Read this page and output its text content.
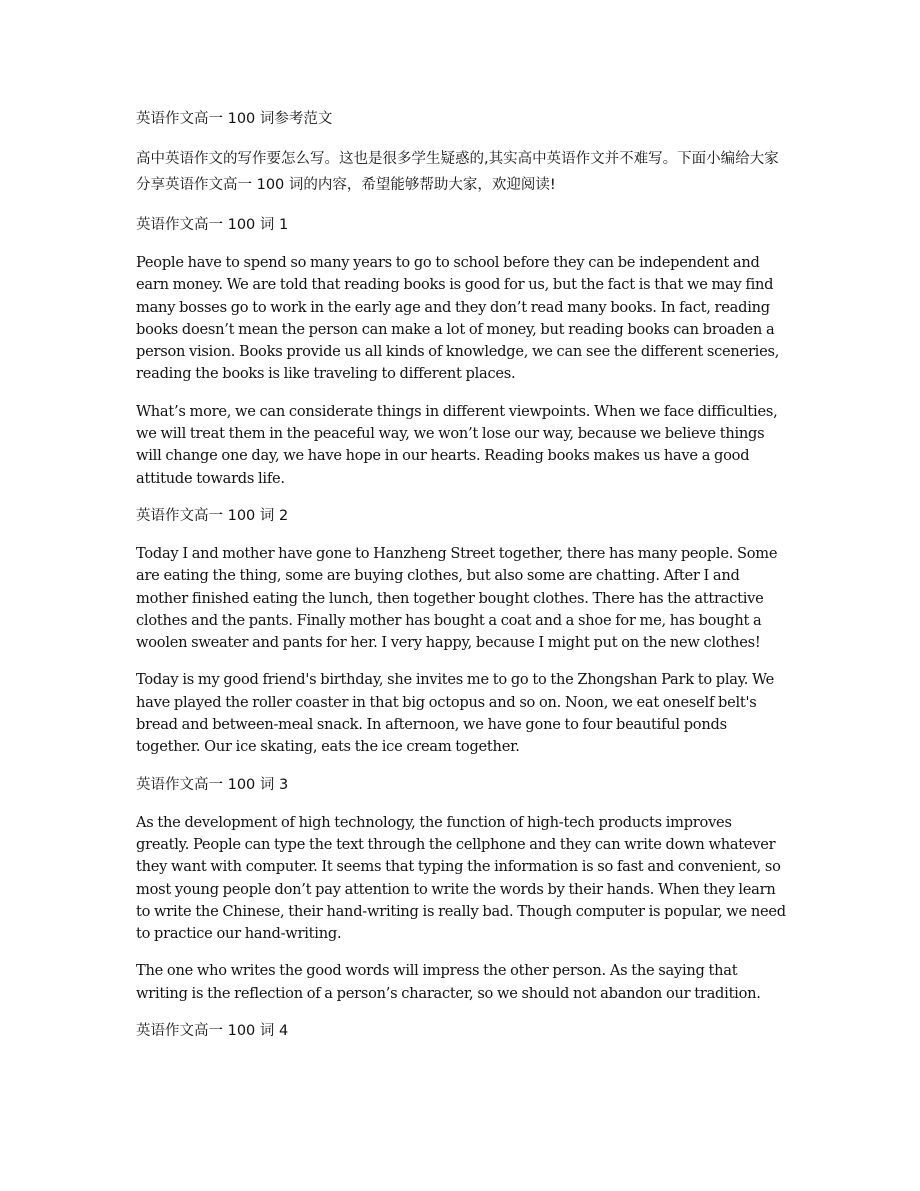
英语作文高一 100 词参考范文

高中英语作文的写作要怎么写。这也是很多学生疑惑的,其实高中英语作文并不难写。下面小编给大家分享英语作文高一 100 词的内容，希望能够帮助大家，欢迎阅读!

英语作文高一 100 词 1

People have to spend so many years to go to school before they can be independent and earn money. We are told that reading books is good for us, but the fact is that we may find many bosses go to work in the early age and they don’t read many books. In fact, reading books doesn’t mean the person can make a lot of money, but reading books can broaden a person vision. Books provide us all kinds of knowledge, we can see the different sceneries, reading the books is like traveling to different places.

What’s more, we can considerate things in different viewpoints. When we face difficulties, we will treat them in the peaceful way, we won’t lose our way, because we believe things will change one day, we have hope in our hearts. Reading books makes us have a good attitude towards life.

英语作文高一 100 词 2

Today I and mother have gone to Hanzheng Street together, there has many people. Some are eating the thing, some are buying clothes, but also some are chatting. After I and mother finished eating the lunch, then together bought clothes. There has the attractive clothes and the pants. Finally mother has bought a coat and a shoe for me, has bought a woolen sweater and pants for her. I very happy, because I might put on the new clothes!

Today is my good friend's birthday, she invites me to go to the Zhongshan Park to play. We have played the roller coaster in that big octopus and so on. Noon, we eat oneself belt's bread and between-meal snack. In afternoon, we have gone to four beautiful ponds together. Our ice skating, eats the ice cream together.

英语作文高一 100 词 3

As the development of high technology, the function of high-tech products improves greatly. People can type the text through the cellphone and they can write down whatever they want with computer. It seems that typing the information is so fast and convenient, so most young people don’t pay attention to write the words by their hands. When they learn to write the Chinese, their hand-writing is really bad. Though computer is popular, we need to practice our hand-writing.

The one who writes the good words will impress the other person. As the saying that writing is the reflection of a person’s character, so we should not abandon our tradition.

英语作文高一 100 词 4
